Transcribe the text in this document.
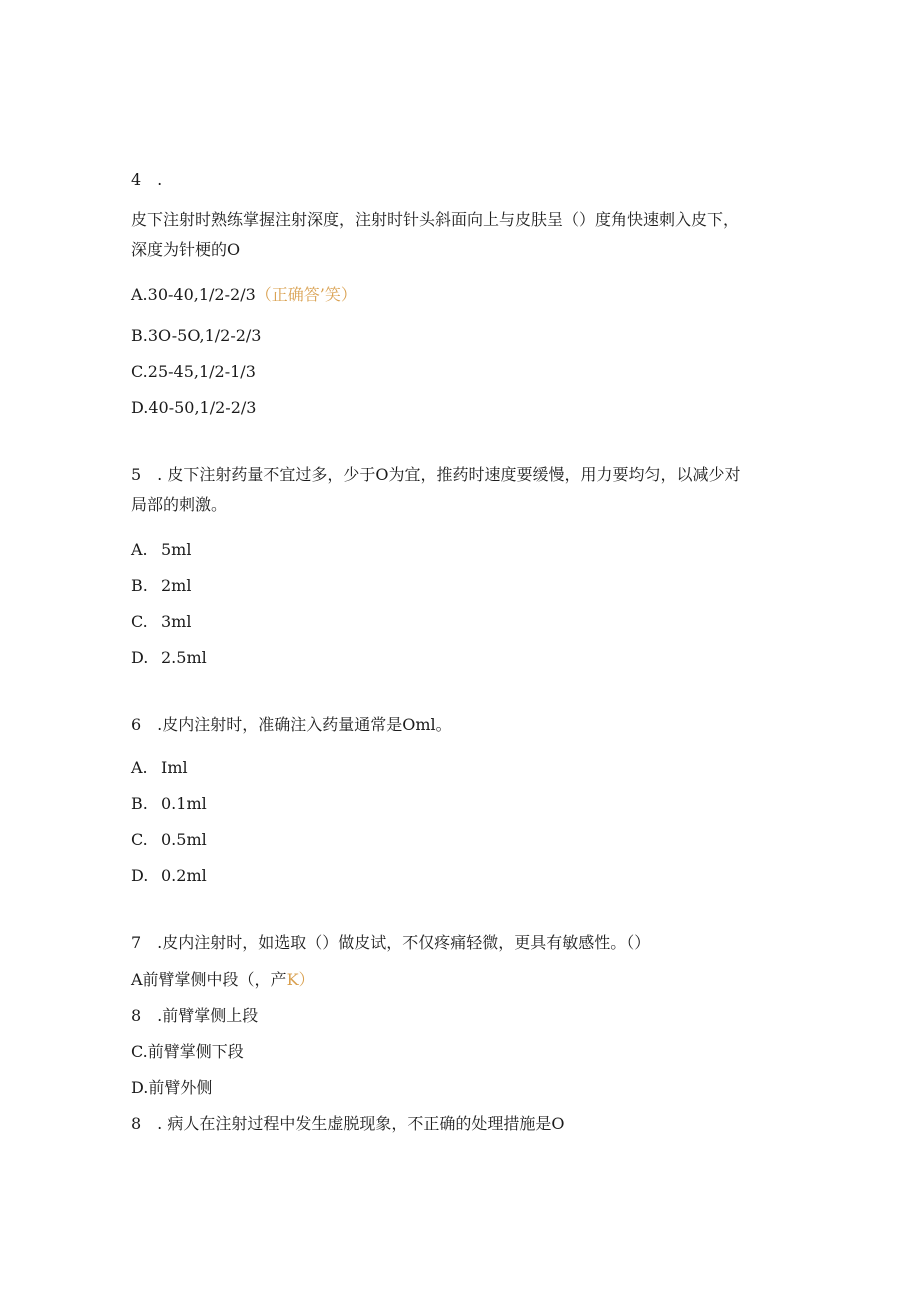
4　.
皮下注射时熟练掌握注射深度，注射时针头斜面向上与皮肤呈（）度角快速刺入皮下，
深度为针梗的O
A.30-40,1/2-2/3（正确答’笑）
B.3O-5O,1/2-2/3
C.25-45,1/2-1/3
D.40-50,1/2-2/3
5　. 皮下注射药量不宜过多，少于O为宜，推药时速度要缓慢，用力要均匀，以减少对
局部的刺激。
A. 5ml
B. 2ml
C. 3ml
D. 2.5ml
6　.皮内注射时，准确注入药量通常是Oml。
A. Iml
B. 0.1ml
C. 0.5ml
D. 0.2ml
7　.皮内注射时，如选取（）做皮试，不仅疼痛轻微，更具有敏感性。（）
A前臂掌侧中段（，产K）
8　.前臂掌侧上段
C.前臂掌侧下段
D.前臂外侧
8　. 病人在注射过程中发生虚脱现象，不正确的处理措施是O
